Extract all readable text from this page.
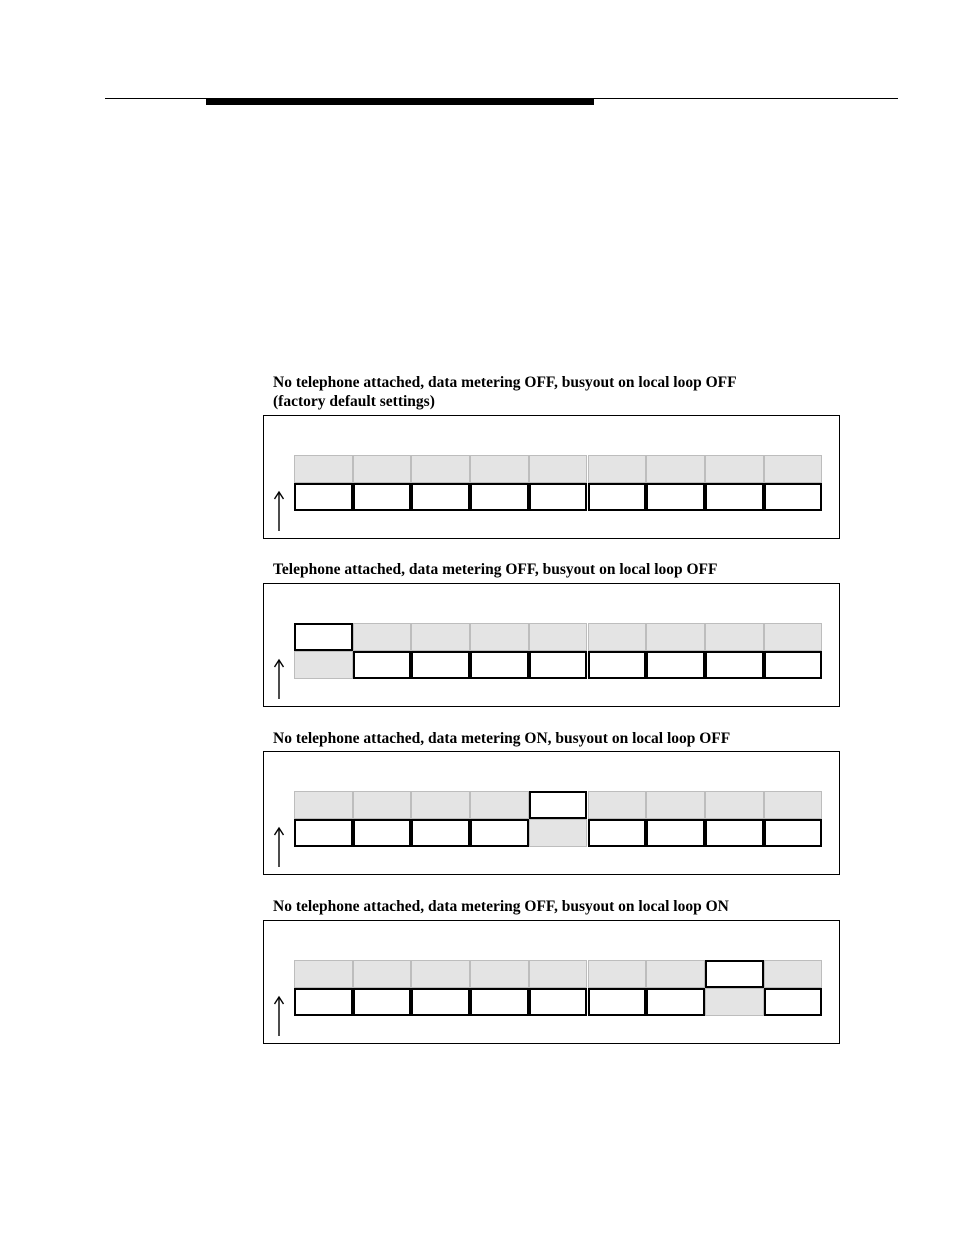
No telephone attached, data metering OFF, busyout on local loop OFF
(factory default settings)
Telephone attached, data metering OFF, busyout on local loop OFF
No telephone attached, data metering ON, busyout on local loop OFF
No telephone attached, data metering OFF, busyout on local loop ON
